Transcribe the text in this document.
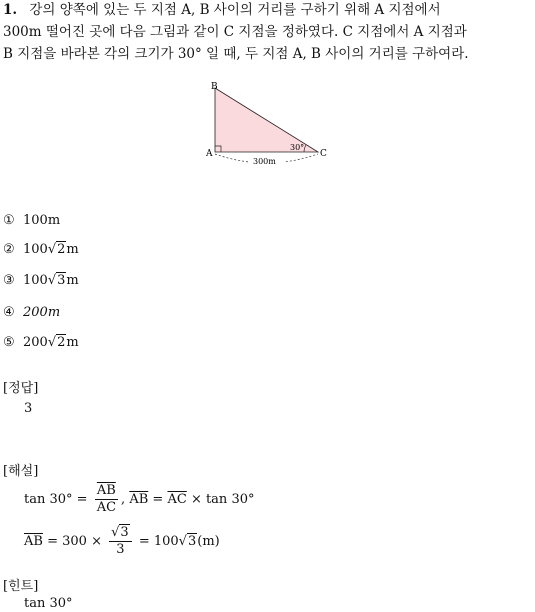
1. 강의 양쪽에 있는 두 지점 A, B 사이의 거리를 구하기 위해 A 지점에서
300m 떨어진 곳에 다음 그림과 같이 C 지점을 정하였다. C 지점에서 A 지점과
B 지점을 바라본 각의 크기가 30° 일 때, 두 지점 A, B 사이의 거리를 구하여라.
B
A	C
30°
300m
① 100m
② 100√2m
③ 100√3m
④ 200m
⑤ 200√2m
[정답]
3
[해설]
$\tan 30^\circ = \frac{\overline{AB}}{AC}$ , $\overline{AB} = \overline{AC} \times \tan 30^\circ$
$\overline{AB} = 300 \times \frac{√3}{3} = 100√3(m)$
[힌트]
tan 30°
